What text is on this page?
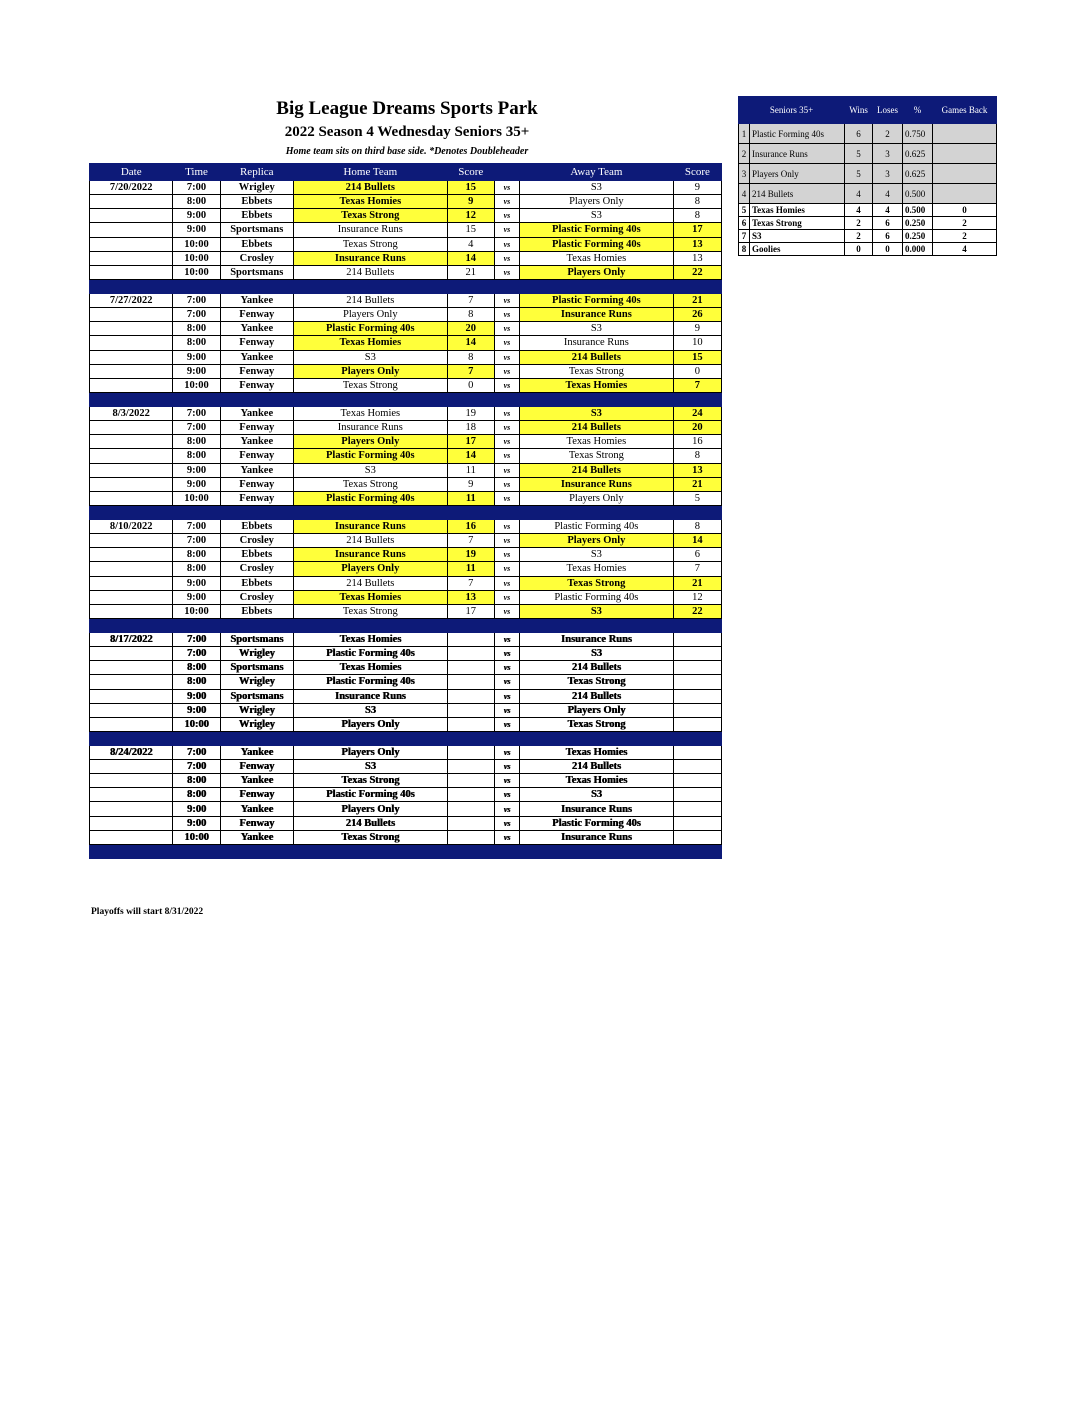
Big League Dreams Sports Park
2022 Season 4 Wednesday Seniors 35+
Home team sits on third base side. *Denotes Doubleheader
Date	Time	Replica	Home Team	Score		Away Team	Score
7/20/2022	7:00	Wrigley	214 Bullets	15	vs	S3	9
	8:00	Ebbets	Texas Homies	9	vs	Players Only	8
	9:00	Ebbets	Texas Strong	12	vs	S3	8
	9:00	Sportsmans	Insurance Runs	15	vs	Plastic Forming 40s	17
	10:00	Ebbets	Texas Strong	4	vs	Plastic Forming 40s	13
	10:00	Crosley	Insurance Runs	14	vs	Texas Homies	13
	10:00	Sportsmans	214 Bullets	21	vs	Players Only	22

7/27/2022	7:00	Yankee	214 Bullets	7	vs	Plastic Forming 40s	21
	7:00	Fenway	Players Only	8	vs	Insurance Runs	26
	8:00	Yankee	Plastic Forming 40s	20	vs	S3	9
	8:00	Fenway	Texas Homies	14	vs	Insurance Runs	10
	9:00	Yankee	S3	8	vs	214 Bullets	15
	9:00	Fenway	Players Only	7	vs	Texas Strong	0
	10:00	Fenway	Texas Strong	0	vs	Texas Homies	7

8/3/2022	7:00	Yankee	Texas Homies	19	vs	S3	24
	7:00	Fenway	Insurance Runs	18	vs	214 Bullets	20
	8:00	Yankee	Players Only	17	vs	Texas Homies	16
	8:00	Fenway	Plastic Forming 40s	14	vs	Texas Strong	8
	9:00	Yankee	S3	11	vs	214 Bullets	13
	9:00	Fenway	Texas Strong	9	vs	Insurance Runs	21
	10:00	Fenway	Plastic Forming 40s	11	vs	Players Only	5

8/10/2022	7:00	Ebbets	Insurance Runs	16	vs	Plastic Forming 40s	8
	7:00	Crosley	214 Bullets	7	vs	Players Only	14
	8:00	Ebbets	Insurance Runs	19	vs	S3	6
	8:00	Crosley	Players Only	11	vs	Texas Homies	7
	9:00	Ebbets	214 Bullets	7	vs	Texas Strong	21
	9:00	Crosley	Texas Homies	13	vs	Plastic Forming 40s	12
	10:00	Ebbets	Texas Strong	17	vs	S3	22

8/17/2022	7:00	Sportsmans	Texas Homies		vs	Insurance Runs	
	7:00	Wrigley	Plastic Forming 40s		vs	S3	
	8:00	Sportsmans	Texas Homies		vs	214 Bullets	
	8:00	Wrigley	Plastic Forming 40s		vs	Texas Strong	
	9:00	Sportsmans	Insurance Runs		vs	214 Bullets	
	9:00	Wrigley	S3		vs	Players Only	
	10:00	Wrigley	Players Only		vs	Texas Strong	

8/24/2022	7:00	Yankee	Players Only		vs	Texas Homies	
	7:00	Fenway	S3		vs	214 Bullets	
	8:00	Yankee	Texas Strong		vs	Texas Homies	
	8:00	Fenway	Plastic Forming 40s		vs	S3	
	9:00	Yankee	Players Only		vs	Insurance Runs	
	9:00	Fenway	214 Bullets		vs	Plastic Forming 40s	
	10:00	Yankee	Texas Strong		vs	Insurance Runs	

Playoffs will start 8/31/2022
Seniors 35+		Wins	Loses	%	Games Back
1	Plastic Forming 40s	6	2	0.750	
2	Insurance Runs	5	3	0.625	
3	Players Only	5	3	0.625	
4	214 Bullets	4	4	0.500	
5	Texas Homies	4	4	0.500	0
6	Texas Strong	2	6	0.250	2
7	S3	2	6	0.250	2
8	Goolies	0	0	0.000	4
